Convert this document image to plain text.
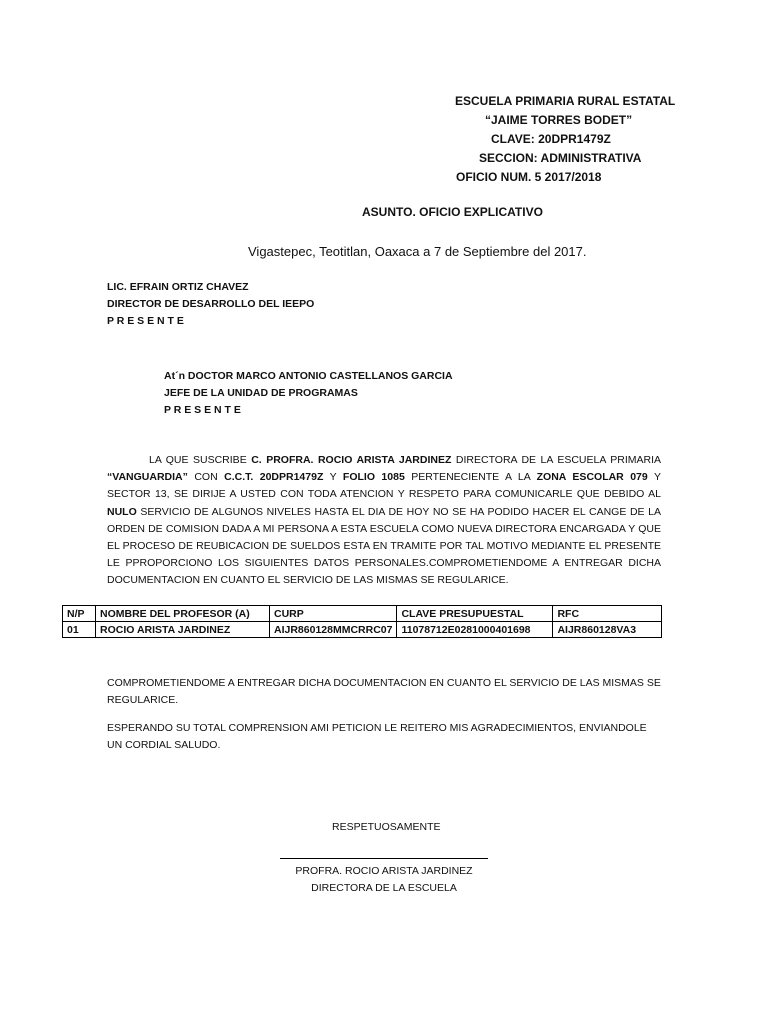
ESCUELA PRIMARIA RURAL ESTATAL
“JAIME TORRES BODET”
CLAVE: 20DPR1479Z
SECCION: ADMINISTRATIVA
OFICIO NUM. 5 2017/2018
ASUNTO. OFICIO EXPLICATIVO
Vigastepec, Teotitlan, Oaxaca a 7 de Septiembre del 2017.
LIC. EFRAIN ORTIZ CHAVEZ
DIRECTOR DE DESARROLLO DEL IEEPO
P R E S E N T E
At´n DOCTOR MARCO ANTONIO CASTELLANOS GARCIA
JEFE DE LA UNIDAD DE PROGRAMAS
P R E S E N T E
LA QUE SUSCRIBE C. PROFRA. ROCIO ARISTA JARDINEZ DIRECTORA DE LA ESCUELA PRIMARIA “VANGUARDIA” CON C.C.T. 20DPR1479Z Y FOLIO 1085 PERTENECIENTE A LA ZONA ESCOLAR 079 Y SECTOR 13, SE DIRIJE A USTED CON TODA ATENCION Y RESPETO PARA COMUNICARLE QUE DEBIDO AL NULO SERVICIO DE ALGUNOS NIVELES HASTA EL DIA DE HOY NO SE HA PODIDO HACER EL CANGE DE LA ORDEN DE COMISION DADA A MI PERSONA A ESTA ESCUELA COMO NUEVA DIRECTORA ENCARGADA Y QUE EL PROCESO DE REUBICACION DE SUELDOS ESTA EN TRAMITE POR TAL MOTIVO MEDIANTE EL PRESENTE LE PPROPORCIONO LOS SIGUIENTES DATOS PERSONALES.COMPROMETIENDOME A ENTREGAR DICHA DOCUMENTACION EN CUANTO EL SERVICIO DE LAS MISMAS SE REGULARICE.
N/P	NOMBRE DEL PROFESOR (A)	CURP	CLAVE PRESUPUESTAL	RFC
01	ROCIO ARISTA JARDINEZ	AIJR860128MMCRRC07	11078712E0281000401698	AIJR860128VA3
COMPROMETIENDOME A ENTREGAR DICHA DOCUMENTACION EN CUANTO EL SERVICIO DE LAS MISMAS SE REGULARICE.
ESPERANDO SU TOTAL COMPRENSION AMI PETICION LE REITERO MIS AGRADECIMIENTOS, ENVIANDOLE UN CORDIAL SALUDO.
RESPETUOSAMENTE
PROFRA. ROCIO ARISTA JARDINEZ
DIRECTORA DE LA ESCUELA
